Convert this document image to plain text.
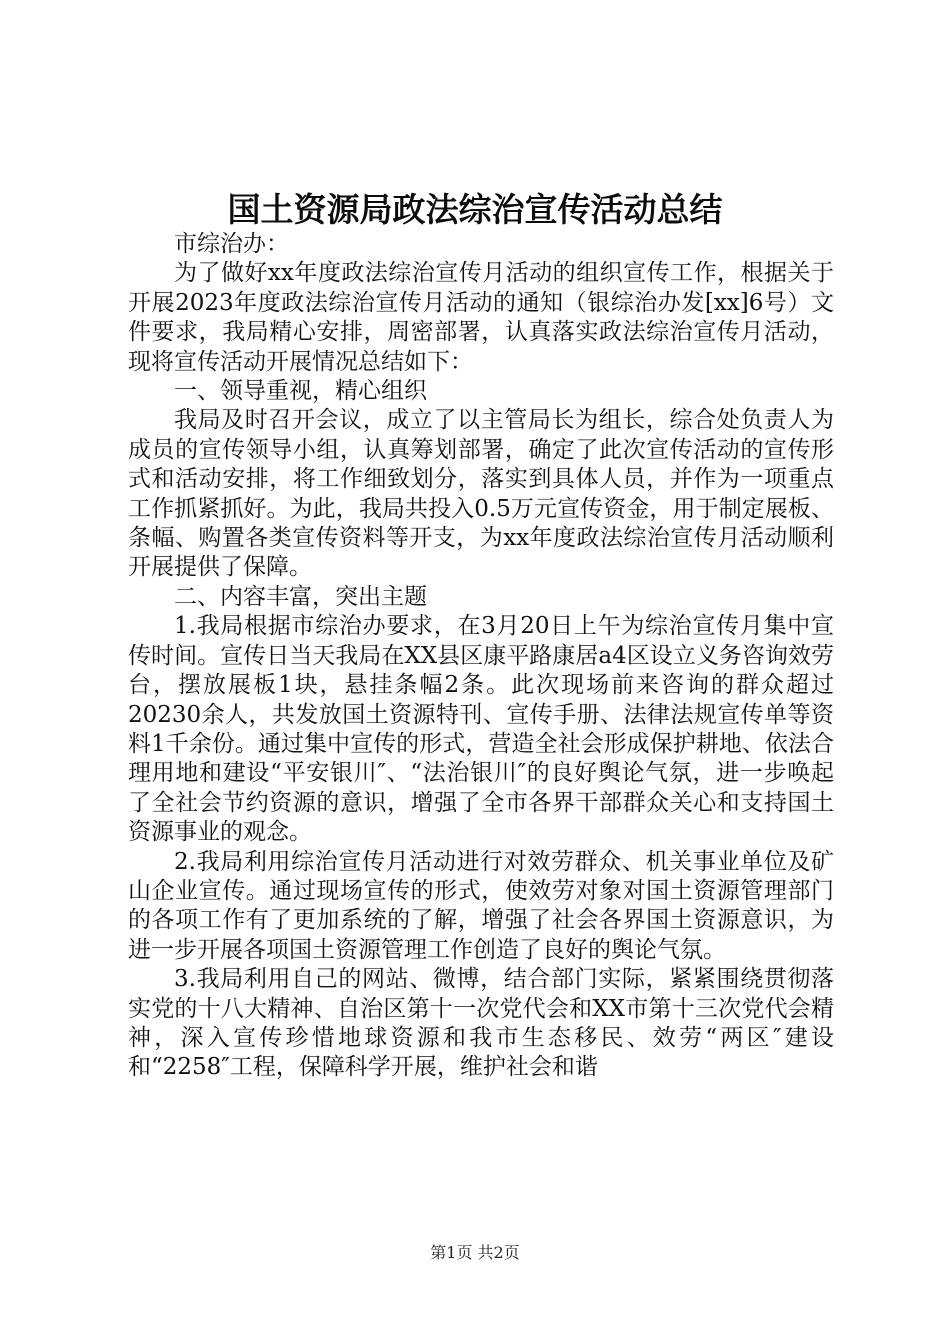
国土资源局政法综治宣传活动总结

市综治办：

为了做好xx年度政法综治宣传月活动的组织宣传工作，根据关于开展2023年度政法综治宣传月活动的通知（银综治办发[xx]6号）文件要求，我局精心安排，周密部署，认真落实政法综治宣传月活动，现将宣传活动开展情况总结如下：

一、领导重视，精心组织

我局及时召开会议，成立了以主管局长为组长，综合处负责人为成员的宣传领导小组，认真筹划部署，确定了此次宣传活动的宣传形式和活动安排，将工作细致划分，落实到具体人员，并作为一项重点工作抓紧抓好。为此，我局共投入0.5万元宣传资金，用于制定展板、条幅、购置各类宣传资料等开支，为xx年度政法综治宣传月活动顺利开展提供了保障。

二、内容丰富，突出主题

1.我局根据市综治办要求，在3月20日上午为综治宣传月集中宣传时间。宣传日当天我局在XX县区康平路康居a4区设立义务咨询效劳台，摆放展板1块，悬挂条幅2条。此次现场前来咨询的群众超过20230余人，共发放国土资源特刊、宣传手册、法律法规宣传单等资料1千余份。通过集中宣传的形式，营造全社会形成保护耕地、依法合理用地和建设“平安银川″、“法治银川″的良好舆论气氛，进一步唤起了全社会节约资源的意识，增强了全市各界干部群众关心和支持国土资源事业的观念。

2.我局利用综治宣传月活动进行对效劳群众、机关事业单位及矿山企业宣传。通过现场宣传的形式，使效劳对象对国土资源管理部门的各项工作有了更加系统的了解，增强了社会各界国土资源意识，为进一步开展各项国土资源管理工作创造了良好的舆论气氛。

3.我局利用自己的网站、微博，结合部门实际，紧紧围绕贯彻落实党的十八大精神、自治区第十一次党代会和XX市第十三次党代会精神，深入宣传珍惜地球资源和我市生态移民、效劳“两区″建设和“2258″工程，保障科学开展，维护社会和谐

第1页 共2页
